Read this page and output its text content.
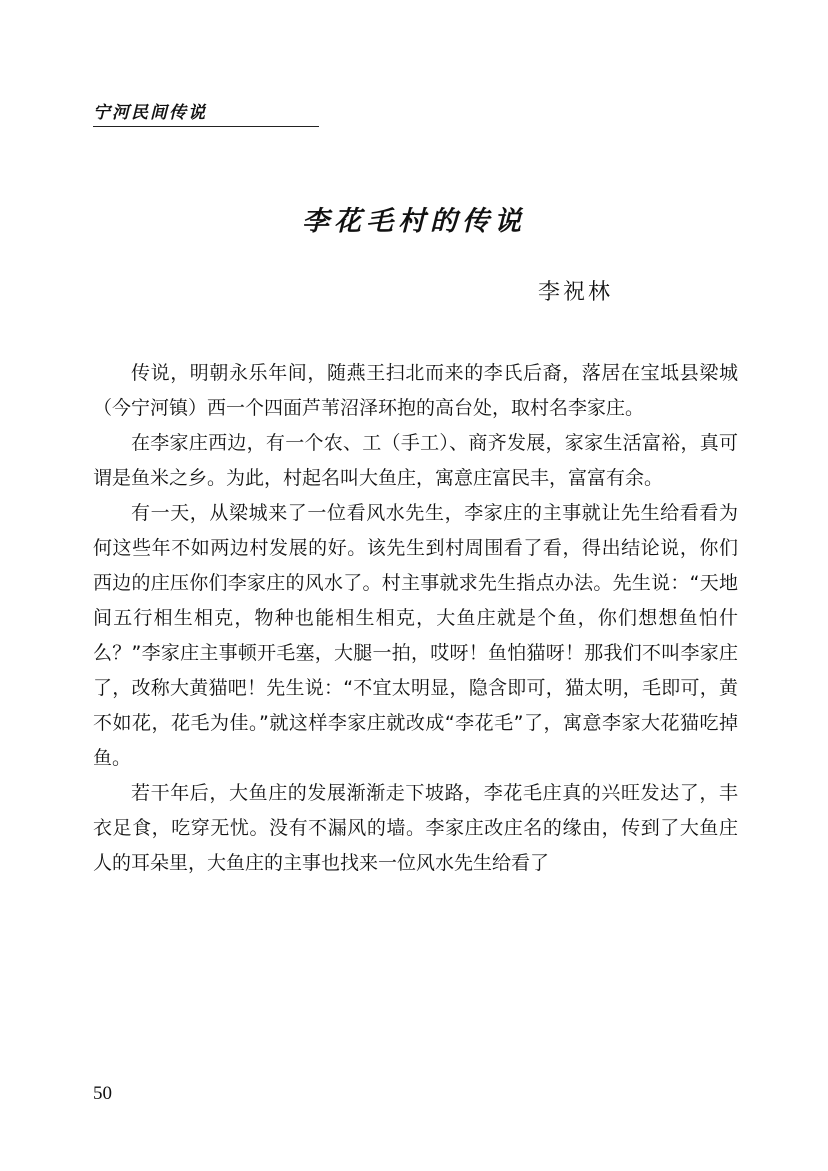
宁河民间传说
李花毛村的传说
李祝林

传说，明朝永乐年间，随燕王扫北而来的李氏后裔，落居在宝坻县梁城（今宁河镇）西一个四面芦苇沼泽环抱的高台处，取村名李家庄。

在李家庄西边，有一个农、工（手工）、商齐发展，家家生活富裕，真可谓是鱼米之乡。为此，村起名叫大鱼庄，寓意庄富民丰，富富有余。

有一天，从梁城来了一位看风水先生，李家庄的主事就让先生给看看为何这些年不如两边村发展的好。该先生到村周围看了看，得出结论说，你们西边的庄压你们李家庄的风水了。村主事就求先生指点办法。先生说：“天地间五行相生相克，物种也能相生相克，大鱼庄就是个鱼，你们想想鱼怕什么？”李家庄主事顿开毛塞，大腿一拍，哎呀！鱼怕猫呀！那我们不叫李家庄了，改称大黄猫吧！先生说：“不宜太明显，隐含即可，猫太明，毛即可，黄不如花，花毛为佳。”就这样李家庄就改成“李花毛”了，寓意李家大花猫吃掉鱼。

若干年后，大鱼庄的发展渐渐走下坡路，李花毛庄真的兴旺发达了，丰衣足食，吃穿无忧。没有不漏风的墙。李家庄改庄名的缘由，传到了大鱼庄人的耳朵里，大鱼庄的主事也找来一位风水先生给看了

50
